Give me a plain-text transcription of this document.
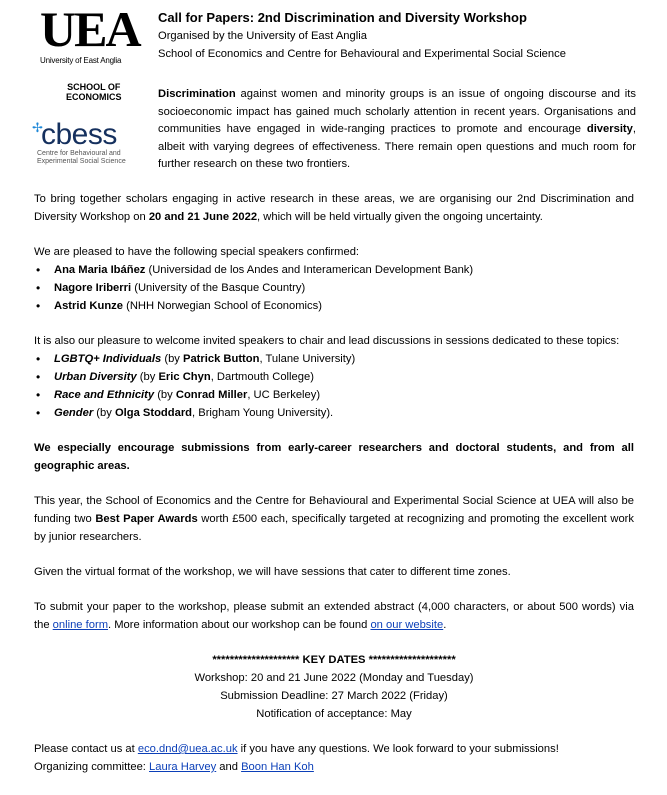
UEA
University of East Anglia
SCHOOL OF
ECONOMICS
✢
cbess
Centre for Behavioural and
Experimental Social Science
Call for Papers: 2nd Discrimination and Diversity Workshop
Organised by the University of East Anglia
School of Economics and Centre for Behavioural and Experimental Social Science
Discrimination against women and minority groups is an issue of ongoing discourse and its socioeconomic impact has gained much scholarly attention in recent years. Organisations and communities have engaged in wide-ranging practices to promote and encourage diversity, albeit with varying degrees of effectiveness. There remain open questions and much room for further research on these two frontiers.

To bring together scholars engaging in active research in these areas, we are organising our 2nd Discrimination and Diversity Workshop on 20 and 21 June 2022, which will be held virtually given the ongoing uncertainty.

We are pleased to have the following special speakers confirmed:
• Ana Maria Ibáñez (Universidad de los Andes and Interamerican Development Bank)
• Nagore Iriberri (University of the Basque Country)
• Astrid Kunze (NHH Norwegian School of Economics)
It is also our pleasure to welcome invited speakers to chair and lead discussions in sessions dedicated to these topics:
• LGBTQ+ Individuals (by Patrick Button, Tulane University)
• Urban Diversity (by Eric Chyn, Dartmouth College)
• Race and Ethnicity (by Conrad Miller, UC Berkeley)
• Gender (by Olga Stoddard, Brigham Young University).

We especially encourage submissions from early-career researchers and doctoral students, and from all geographic areas.

This year, the School of Economics and the Centre for Behavioural and Experimental Social Science at UEA will also be funding two Best Paper Awards worth £500 each, specifically targeted at recognizing and promoting the excellent work by junior researchers.

Given the virtual format of the workshop, we will have sessions that cater to different time zones.

To submit your paper to the workshop, please submit an extended abstract (4,000 characters, or about 500 words) via the online form. More information about our workshop can be found on our website.

******************** KEY DATES ********************
Workshop: 20 and 21 June 2022 (Monday and Tuesday)
Submission Deadline: 27 March 2022 (Friday)
Notification of acceptance: May
Please contact us at eco.dnd@uea.ac.uk if you have any questions. We look forward to your submissions!
Organizing committee: Laura Harvey and Boon Han Koh
